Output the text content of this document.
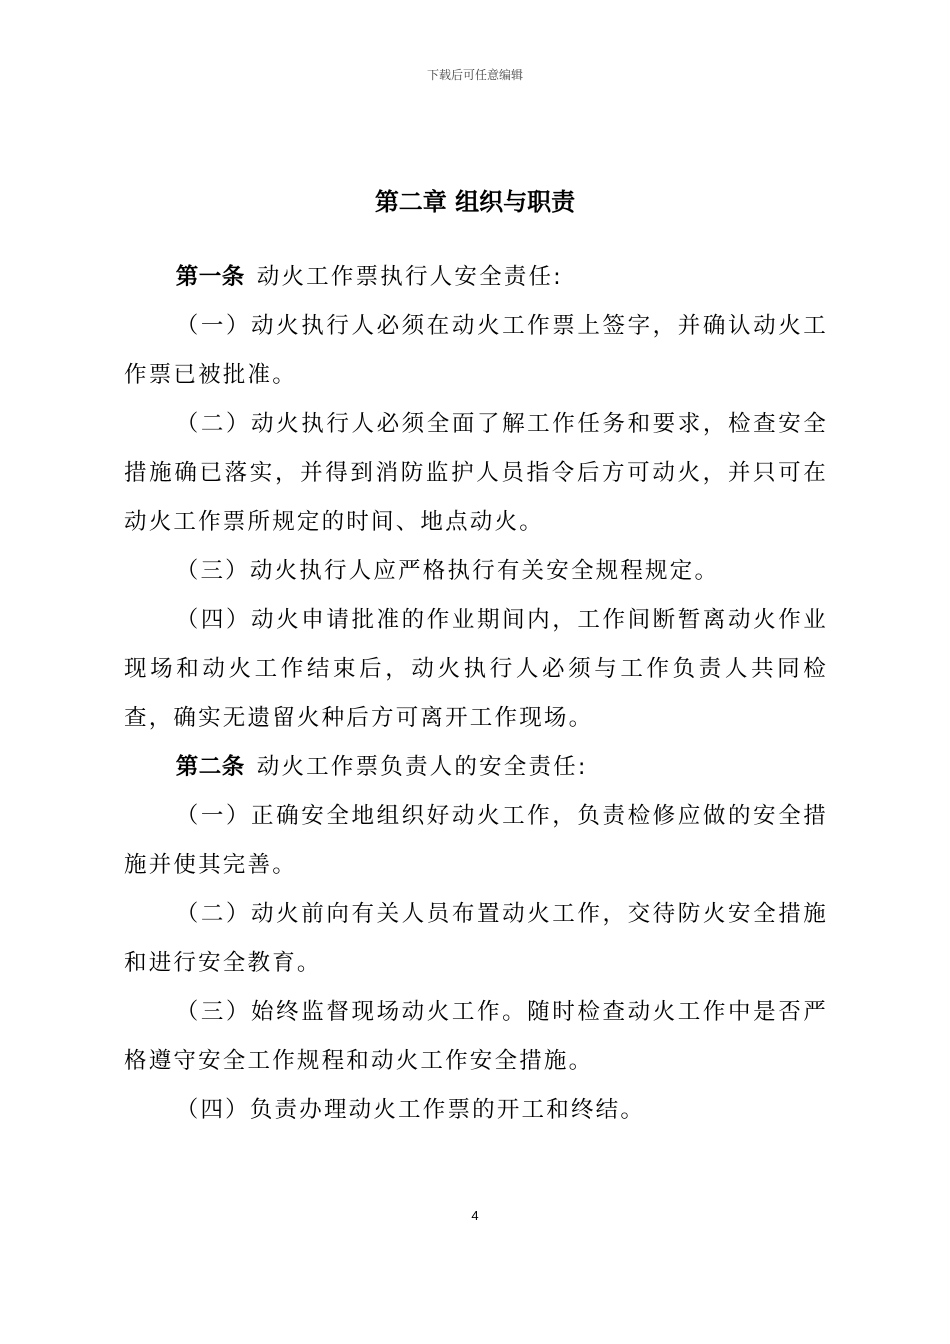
下载后可任意编辑
第二章 组织与职责

第一条 动火工作票执行人安全责任:

（一）动火执行人必须在动火工作票上签字，并确认动火工作票已被批准。

（二）动火执行人必须全面了解工作任务和要求，检查安全措施确已落实，并得到消防监护人员指令后方可动火，并只可在动火工作票所规定的时间、地点动火。

（三）动火执行人应严格执行有关安全规程规定。

（四）动火申请批准的作业期间内，工作间断暂离动火作业现场和动火工作结束后，动火执行人必须与工作负责人共同检查，确实无遗留火种后方可离开工作现场。

第二条 动火工作票负责人的安全责任:

（一）正确安全地组织好动火工作，负责检修应做的安全措施并使其完善。

（二）动火前向有关人员布置动火工作，交待防火安全措施和进行安全教育。

（三）始终监督现场动火工作。随时检查动火工作中是否严格遵守安全工作规程和动火工作安全措施。

（四）负责办理动火工作票的开工和终结。

4
